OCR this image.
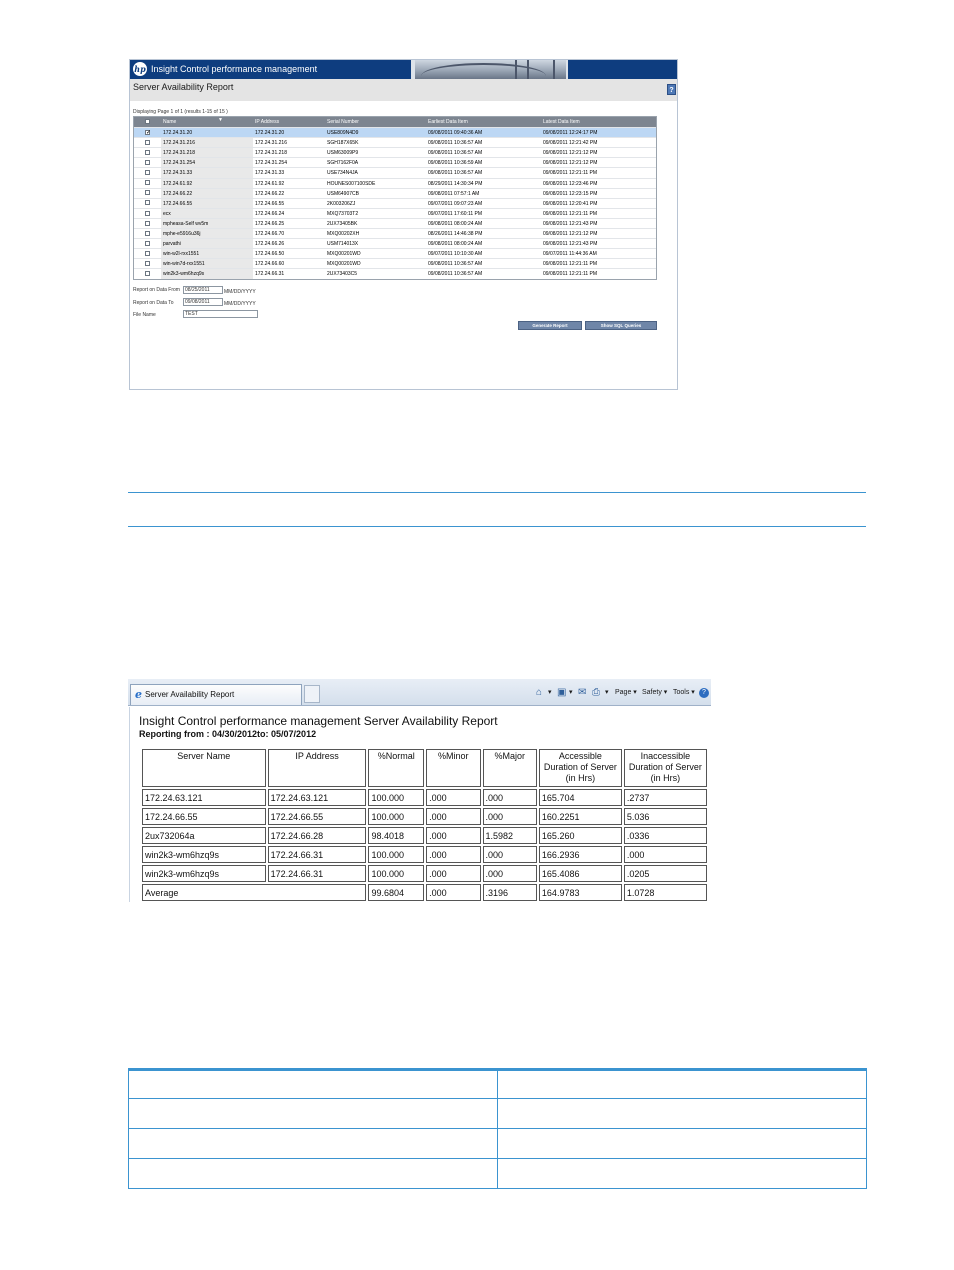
hp Insight Control performance management
Server Availability Report	?
Displaying Page 1 of 1 (results 1-15 of 15 )
Name	▼	IP Address	Serial Number	Earliest Data Item	Latest Data Item
✓
172.24.31.20	172.24.31.20	USE809N4D9	09/08/2011 09:40:36 AM	09/08/2011 12:24:17 PM
172.24.31.216	172.24.31.216	SGH187X65K	09/08/2011 10:36:57 AM	09/08/2011 12:21:42 PM
172.24.31.218	172.24.31.218	USM63009P9	09/08/2011 10:36:57 AM	09/08/2011 12:21:12 PM
172.24.31.254	172.24.31.254	SGH7162F0A	09/08/2011 10:36:59 AM	09/08/2011 12:21:12 PM
172.24.31.33	172.24.31.33	USE734N4JA	09/08/2011 10:36:57 AM	09/08/2011 12:21:11 PM
172.24.61.92	172.24.61.92	HOUNES007100SDE	08/29/2011 14:30:34 PM	09/08/2011 12:23:46 PM
172.24.66.22	172.24.66.22	USM64907CB	09/08/2011 07:57:1 AM	09/08/2011 12:23:15 PM
172.24.66.55	172.24.66.55	2K003206ZJ	09/07/2011 09:07:23 AM	09/08/2011 12:20:41 PM
ecx	172.24.66.24	MXQ73703T2	09/07/2011 17:60:11 PM	09/08/2011 12:21:11 PM
mpheasa-Self wv5m	172.24.66.25	2UX73405BK	09/08/2011 08:00:24 AM	09/08/2011 12:21:43 PM
mphe-e5916u36j	172.24.66.70	MXQ00202XH	08/26/2011 14:46:38 PM	09/08/2011 12:21:12 PM
parvathi	172.24.66.26	USM714013X	09/08/2011 08:00:24 AM	09/08/2011 12:21:43 PM
win-w2l-rxx1551	172.24.66.50	MXQ00201WD	09/07/2011 10:10:30 AM	09/07/2011 11:44:36 AM
win-win7d-rxx1551	172.24.66.60	MXQ00201WD	09/08/2011 10:36:57 AM	09/08/2011 12:21:11 PM
win2k3-wm6hzq9s	172.24.66.31	2UX73403C5	09/08/2011 10:36:57 AM	09/08/2011 12:21:11 PM
Report on Data From	08/25/2011	MM/DD/YYYY
Report on Data To	09/08/2011	MM/DD/YYYY
File Name	TEST
Generate Report	Show SQL Queries
e Server Availability Report	⌂ ▾ ▣ ▾ ✉ ⎙ ▾ Page ▾ Safety ▾ Tools ▾	?
Insight Control performance management Server Availability Report
Reporting from : 04/30/2012to: 05/07/2012
Server Name	IP Address	%Normal	%Minor	%Major	Accessible Duration of Server (in Hrs)	Inaccessible Duration of Server (in Hrs)
172.24.63.121	172.24.63.121	100.000	.000	.000	165.704	.2737
172.24.66.55	172.24.66.55	100.000	.000	.000	160.2251	5.036
2ux732064a	172.24.66.28	98.4018	.000	1.5982	165.260	.0336
win2k3-wm6hzq9s	172.24.66.31	100.000	.000	.000	166.2936	.000
win2k3-wm6hzq9s	172.24.66.31	100.000	.000	.000	165.4086	.0205
Average		99.6804	.000	.3196	164.9783	1.0728
